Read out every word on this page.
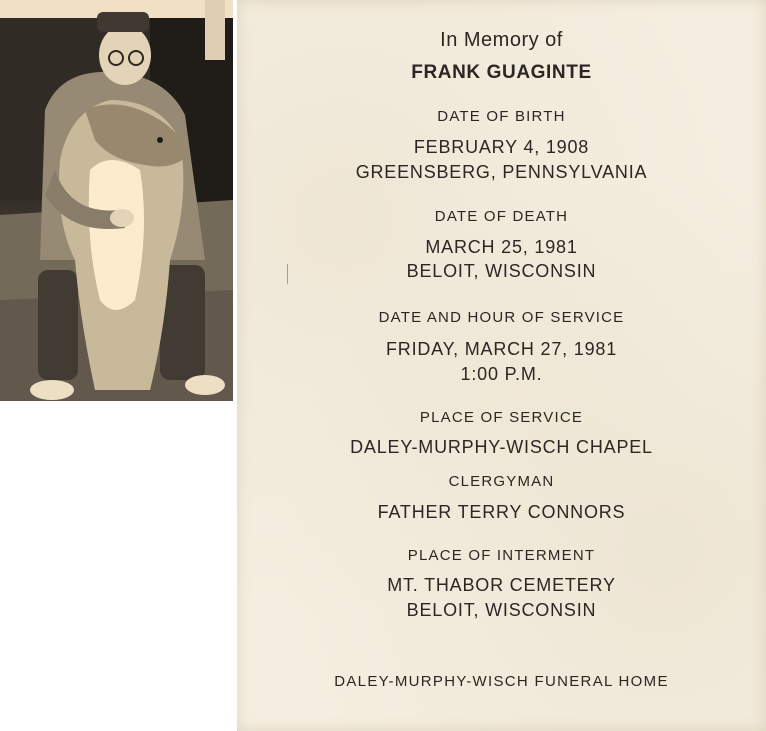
In Memory of
FRANK GUAGINTE
DATE OF BIRTH
FEBRUARY 4, 1908
GREENSBERG, PENNSYLVANIA
DATE OF DEATH
MARCH 25, 1981
BELOIT, WISCONSIN
DATE AND HOUR OF SERVICE
FRIDAY, MARCH 27, 1981
1:00 P.M.
PLACE OF SERVICE
DALEY-MURPHY-WISCH CHAPEL
CLERGYMAN
FATHER TERRY CONNORS
PLACE OF INTERMENT
MT. THABOR CEMETERY
BELOIT, WISCONSIN
DALEY-MURPHY-WISCH FUNERAL HOME
